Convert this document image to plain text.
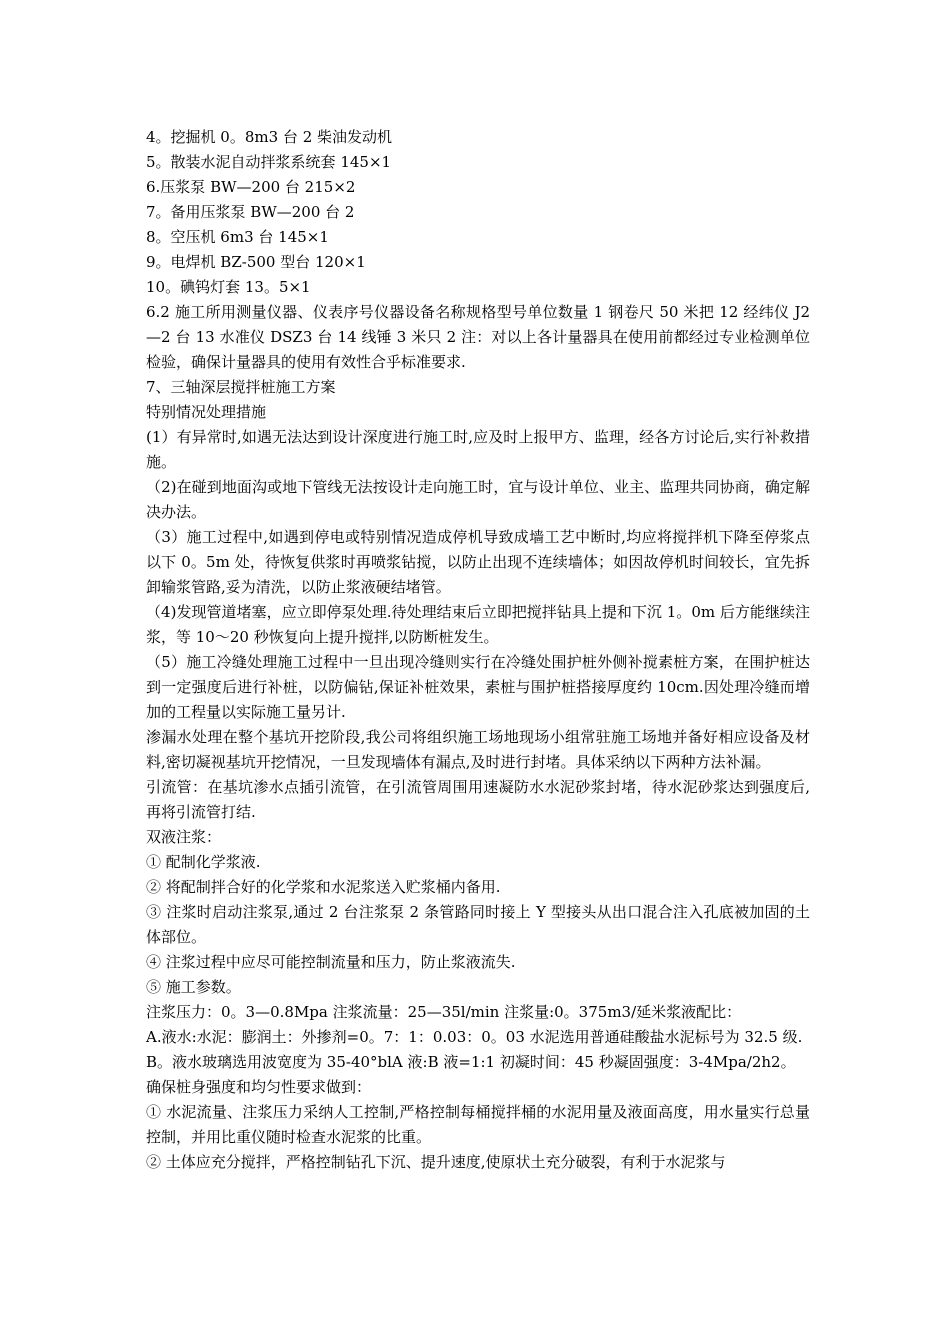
4。挖掘机 0。8m3 台 2 柴油发动机

5。散装水泥自动拌浆系统套 145×1

6.压浆泵 BW—200 台 215×2

7。备用压浆泵 BW—200 台 2

8。空压机 6m3 台 145×1

9。电焊机 BZ-500 型台 120×1

10。碘钨灯套 13。5×1

6.2 施工所用测量仪器、仪表序号仪器设备名称规格型号单位数量 1 钢卷尺 50 米把 12 经纬仪 J2—2 台 13 水准仪 DSZ3 台 14 线锤 3 米只 2 注：对以上各计量器具在使用前都经过专业检测单位检验，确保计量器具的使用有效性合乎标准要求.

7、三轴深层搅拌桩施工方案

特别情况处理措施

(1）有异常时,如遇无法达到设计深度进行施工时,应及时上报甲方、监理，经各方讨论后,实行补救措施。

（2)在碰到地面沟或地下管线无法按设计走向施工时，宜与设计单位、业主、监理共同协商，确定解决办法。

（3）施工过程中,如遇到停电或特别情况造成停机导致成墙工艺中断时,均应将搅拌机下降至停浆点以下 0。5m 处，待恢复供浆时再喷浆钻搅，以防止出现不连续墙体；如因故停机时间较长，宜先拆卸输浆管路,妥为清洗，以防止浆液硬结堵管。

（4)发现管道堵塞，应立即停泵处理.待处理结束后立即把搅拌钻具上提和下沉 1。0m 后方能继续注浆，等 10～20 秒恢复向上提升搅拌,以防断桩发生。

（5）施工冷缝处理施工过程中一旦出现冷缝则实行在冷缝处围护桩外侧补搅素桩方案，在围护桩达到一定强度后进行补桩，以防偏钻,保证补桩效果，素桩与围护桩搭接厚度约 10cm.因处理冷缝而增加的工程量以实际施工量另计.

渗漏水处理在整个基坑开挖阶段,我公司将组织施工场地现场小组常驻施工场地并备好相应设备及材料,密切凝视基坑开挖情况，一旦发现墙体有漏点,及时进行封堵。具体采纳以下两种方法补漏。

引流管：在基坑渗水点插引流管，在引流管周围用速凝防水水泥砂浆封堵，待水泥砂浆达到强度后,再将引流管打结.

双液注浆：

① 配制化学浆液.

② 将配制拌合好的化学浆和水泥浆送入贮浆桶内备用.

③ 注浆时启动注浆泵,通过 2 台注浆泵 2 条管路同时接上 Y 型接头从出口混合注入孔底被加固的土体部位。

④ 注浆过程中应尽可能控制流量和压力，防止浆液流失.

⑤ 施工参数。

注浆压力：0。3—0.8Mpa 注浆流量：25—35l/min 注浆量:0。375m3/延米浆液配比：

A.液水:水泥：膨润土：外掺剂=0。7：1：0.03：0。03 水泥选用普通硅酸盐水泥标号为 32.5 级.

B。液水玻璃选用波宽度为 35-40°blA 液:B 液=1:1 初凝时间：45 秒凝固强度：3-4Mpa/2h2。

确保桩身强度和均匀性要求做到：

① 水泥流量、注浆压力采纳人工控制,严格控制每桶搅拌桶的水泥用量及液面高度，用水量实行总量控制，并用比重仪随时检查水泥浆的比重。

② 土体应充分搅拌，严格控制钻孔下沉、提升速度,使原状土充分破裂，有利于水泥浆与
